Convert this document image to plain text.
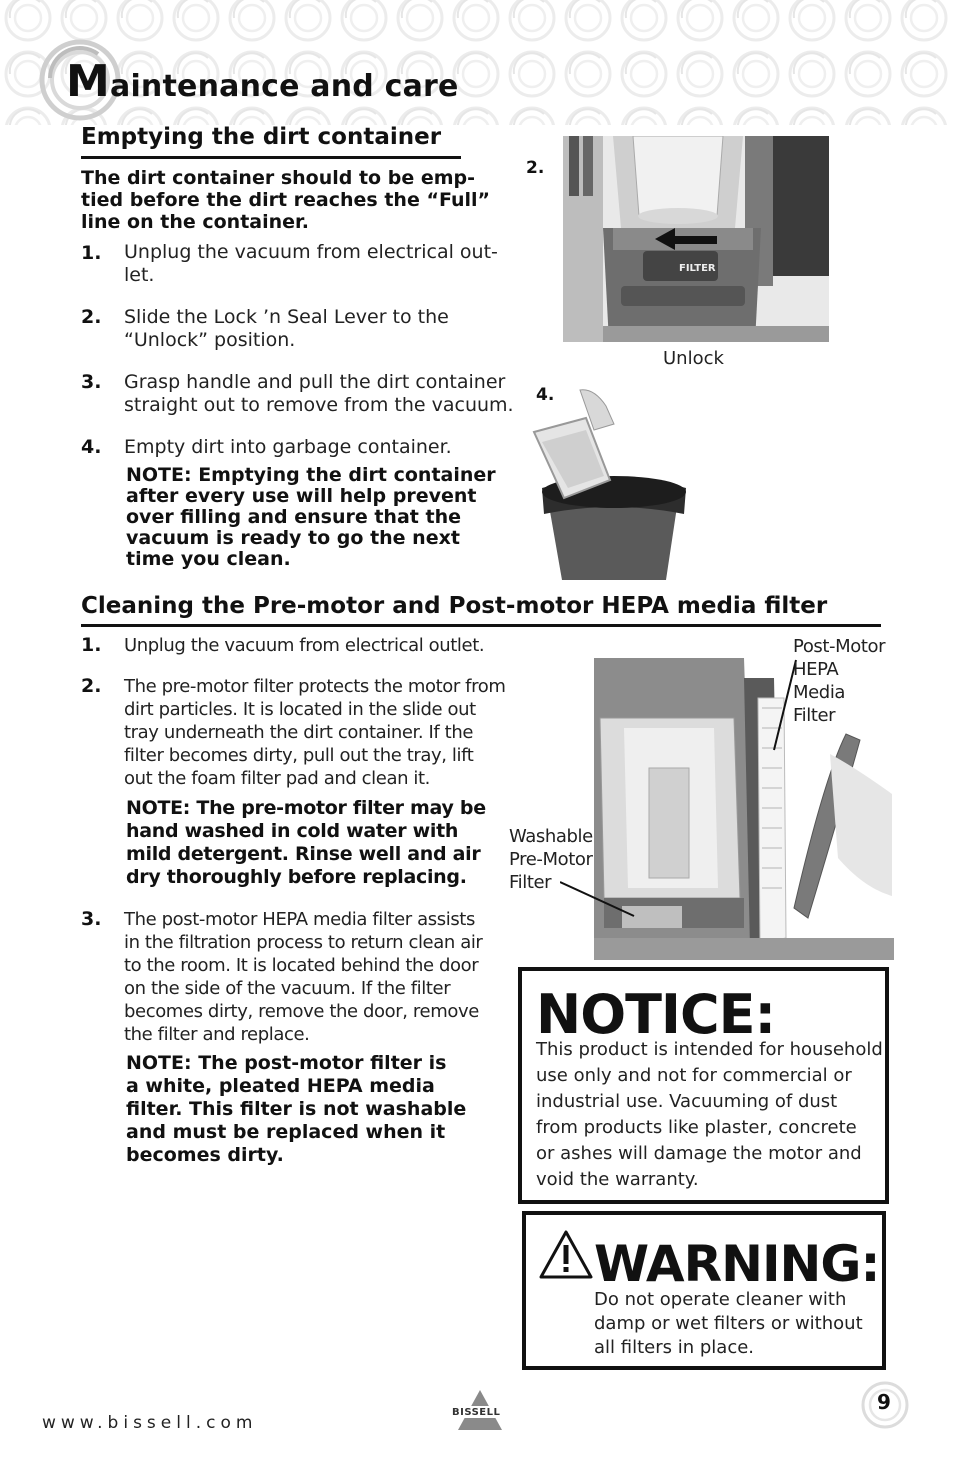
Maintenance and care
Emptying the dirt container
The dirt container should to be emp-
tied before the dirt reaches the “Full”
line on the container.
1. Unplug the vacuum from electrical out-
let.
2. Slide the Lock ’n Seal Lever to the
“Unlock” position.
3. Grasp handle and pull the dirt container
straight out to remove from the vacuum.
4. Empty dirt into garbage container.
NOTE: Emptying the dirt container
after every use will help prevent
over filling and ensure that the
vacuum is ready to go the next
time you clean.
2.
FILTER
Unlock
4.
Cleaning the Pre-motor and Post-motor HEPA media filter
1. Unplug the vacuum from electrical outlet.
2. The pre-motor filter protects the motor from
dirt particles. It is located in the slide out
tray underneath the dirt container. If the
filter becomes dirty, pull out the tray, lift
out the foam filter pad and clean it.
NOTE: The pre-motor filter may be
hand washed in cold water with
mild detergent. Rinse well and air
dry thoroughly before replacing.
3. The post-motor HEPA media filter assists
in the filtration process to return clean air
to the room. It is located behind the door
on the side of the vacuum. If the filter
becomes dirty, remove the door, remove
the filter and replace.
NOTE: The post-motor filter is
a white, pleated HEPA media
filter. This filter is not washable
and must be replaced when it
becomes dirty.
Post-Motor
HEPA
Media
Filter
Washable
Pre-Motor
Filter
NOTICE:
This product is intended for household
use only and not for commercial or
industrial use. Vacuuming of dust
from products like plaster, concrete
or ashes will damage the motor and
void the warranty.
WARNING:
Do not operate cleaner with
damp or wet filters or without
all filters in place.
www.bissell.com
BISSELL	9
